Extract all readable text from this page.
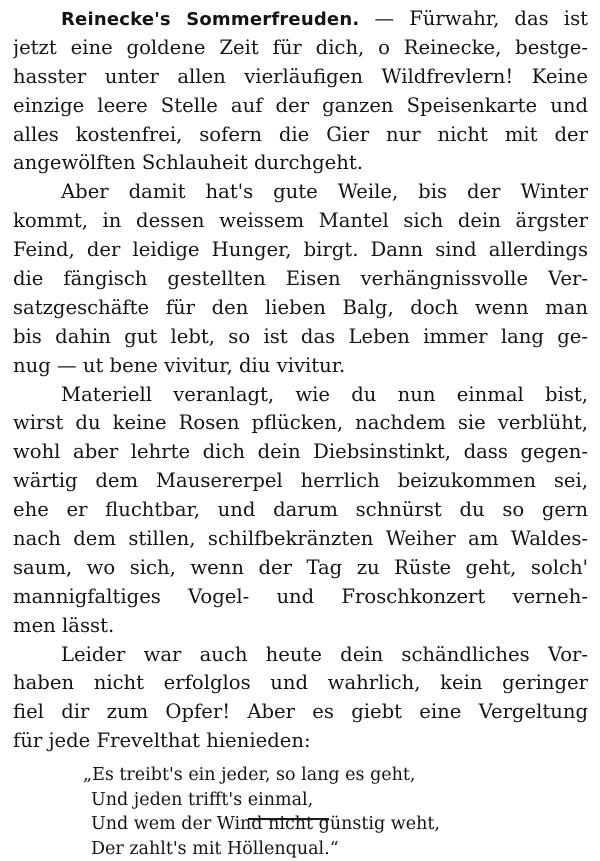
Reinecke's Sommerfreuden. — Fürwahr, das ist
jetzt eine goldene Zeit für dich, o Reinecke, bestge-
hasster unter allen vierläufigen Wildfrevlern! Keine
einzige leere Stelle auf der ganzen Speisenkarte und
alles kostenfrei, sofern die Gier nur nicht mit der
angewölften Schlauheit durchgeht.
Aber damit hat's gute Weile, bis der Winter
kommt, in dessen weissem Mantel sich dein ärgster
Feind, der leidige Hunger, birgt. Dann sind allerdings
die fängisch gestellten Eisen verhängnissvolle Ver-
satzgeschäfte für den lieben Balg, doch wenn man
bis dahin gut lebt, so ist das Leben immer lang ge-
nug — ut bene vivitur, diu vivitur.
Materiell veranlagt, wie du nun einmal bist,
wirst du keine Rosen pflücken, nachdem sie verblüht,
wohl aber lehrte dich dein Diebsinstinkt, dass gegen-
wärtig dem Mausererpel herrlich beizukommen sei,
ehe er fluchtbar, und darum schnürst du so gern
nach dem stillen, schilfbekränzten Weiher am Waldes-
saum, wo sich, wenn der Tag zu Rüste geht, solch'
mannigfaltiges Vogel- und Froschkonzert verneh-
men lässt.
Leider war auch heute dein schändliches Vor-
haben nicht erfolglos und wahrlich, kein geringer
fiel dir zum Opfer! Aber es giebt eine Vergeltung
für jede Frevelthat hienieden:
„Es treibt's ein jeder, so lang es geht,
Und jeden trifft's einmal,
Und wem der Wind nicht günstig weht,
Der zahlt's mit Höllenqual.“
